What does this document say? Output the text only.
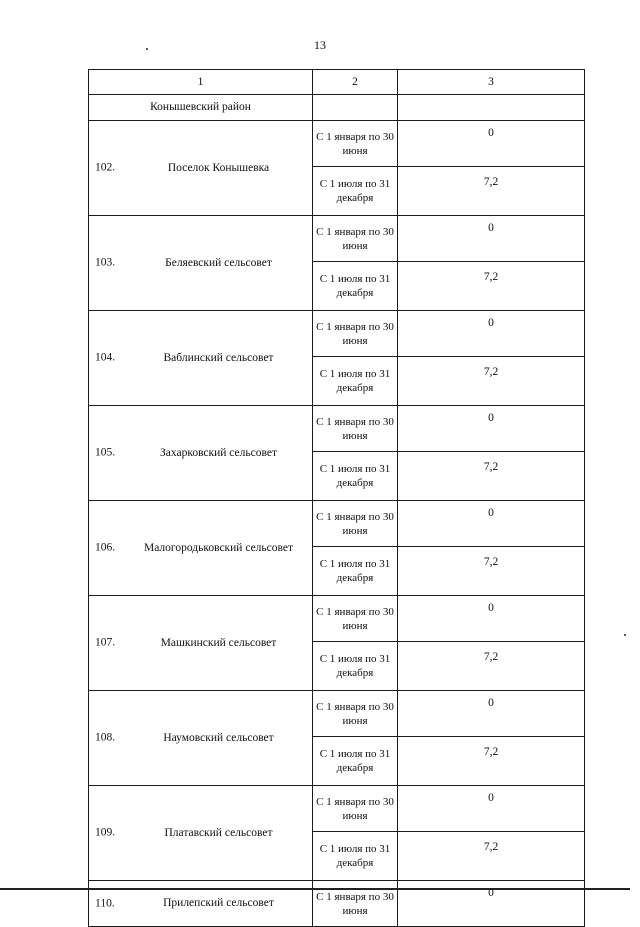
13
1	2	3
Конышевский район		

102. Поселок Конышевка	С 1 января по 30 июня	0
	С 1 июля по 31 декабря	7,2

103. Беляевский сельсовет	С 1 января по 30 июня	0
	С 1 июля по 31 декабря	7,2

104. Ваблинский сельсовет	С 1 января по 30 июня	0
	С 1 июля по 31 декабря	7,2

105. Захарковский сельсовет	С 1 января по 30 июня	0
	С 1 июля по 31 декабря	7,2

106. Малогородьковский сельсовет	С 1 января по 30 июня	0
	С 1 июля по 31 декабря	7,2

107. Машкинский сельсовет	С 1 января по 30 июня	0
	С 1 июля по 31 декабря	7,2

108. Наумовский сельсовет	С 1 января по 30 июня	0
	С 1 июля по 31 декабря	7,2

109. Платавский сельсовет	С 1 января по 30 июня	0
	С 1 июля по 31 декабря	7,2

110. Прилепский сельсовет	С 1 января по 30 июня	0
